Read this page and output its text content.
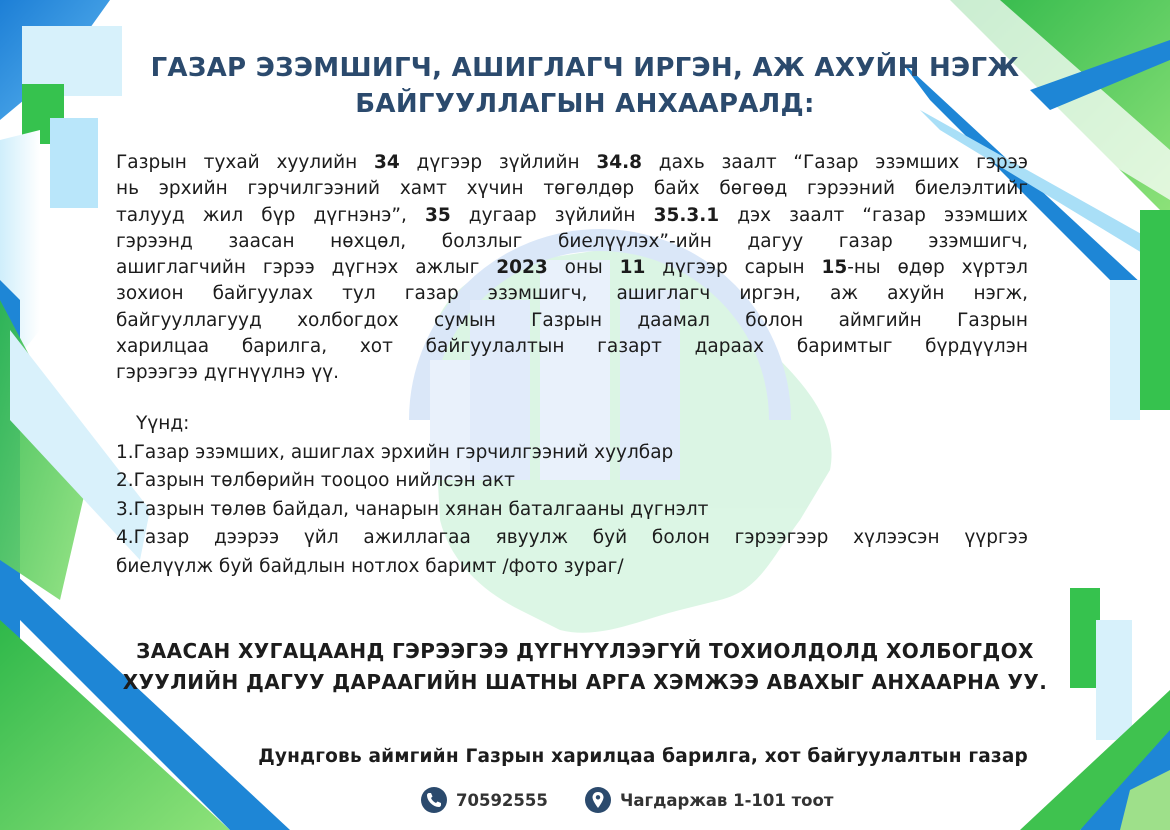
ГАЗАР ЭЗЭМШИГЧ, АШИГЛАГЧ ИРГЭН, АЖ АХУЙН НЭГЖ
БАЙГУУЛЛАГЫН АНХААРАЛД:

Газрын тухай хуулийн 34 дүгээр зүйлийн 34.8 дахь заалт “Газар эзэмших гэрээ

нь эрхийн гэрчилгээний хамт хүчин төгөлдөр байх бөгөөд гэрээний биелэлтийг

талууд жил бүр дүгнэнэ”, 35 дугаар зүйлийн 35.3.1 дэх заалт “газар эзэмших

гэрээнд заасан нөхцөл, болзлыг биелүүлэх”-ийн дагуу газар эзэмшигч,

ашиглагчийн гэрээ дүгнэх ажлыг 2023 оны 11 дүгээр сарын 15-ны өдөр хүртэл

зохион байгуулах тул газар эзэмшигч, ашиглагч иргэн, аж ахуйн нэгж,

байгууллагууд холбогдох сумын Газрын даамал болон аймгийн Газрын

харилцаа барилга, хот байгуулалтын газарт дараах баримтыг бүрдүүлэн

гэрээгээ дүгнүүлнэ үү.

Үүнд:
1.Газар эзэмших, ашиглах эрхийн гэрчилгээний хуулбар
2.Газрын төлбөрийн тооцоо нийлсэн акт
3.Газрын төлөв байдал, чанарын хянан баталгааны дүгнэлт
4.Газар дээрээ үйл ажиллагаа явуулж буй болон гэрээгээр хүлээсэн үүргээ
биелүүлж буй байдлын нотлох баримт /фото зураг/
ЗААСАН ХУГАЦААНД ГЭРЭЭГЭЭ ДҮГНҮҮЛЭЭГҮЙ ТОХИОЛДОЛД ХОЛБОГДОХ
ХУУЛИЙН ДАГУУ ДАРААГИЙН ШАТНЫ АРГА ХЭМЖЭЭ АВАХЫГ АНХААРНА УУ.
Дундговь аймгийн Газрын харилцаа барилга, хот байгуулалтын газар
70592555	Чагдаржав 1-101 тоот
